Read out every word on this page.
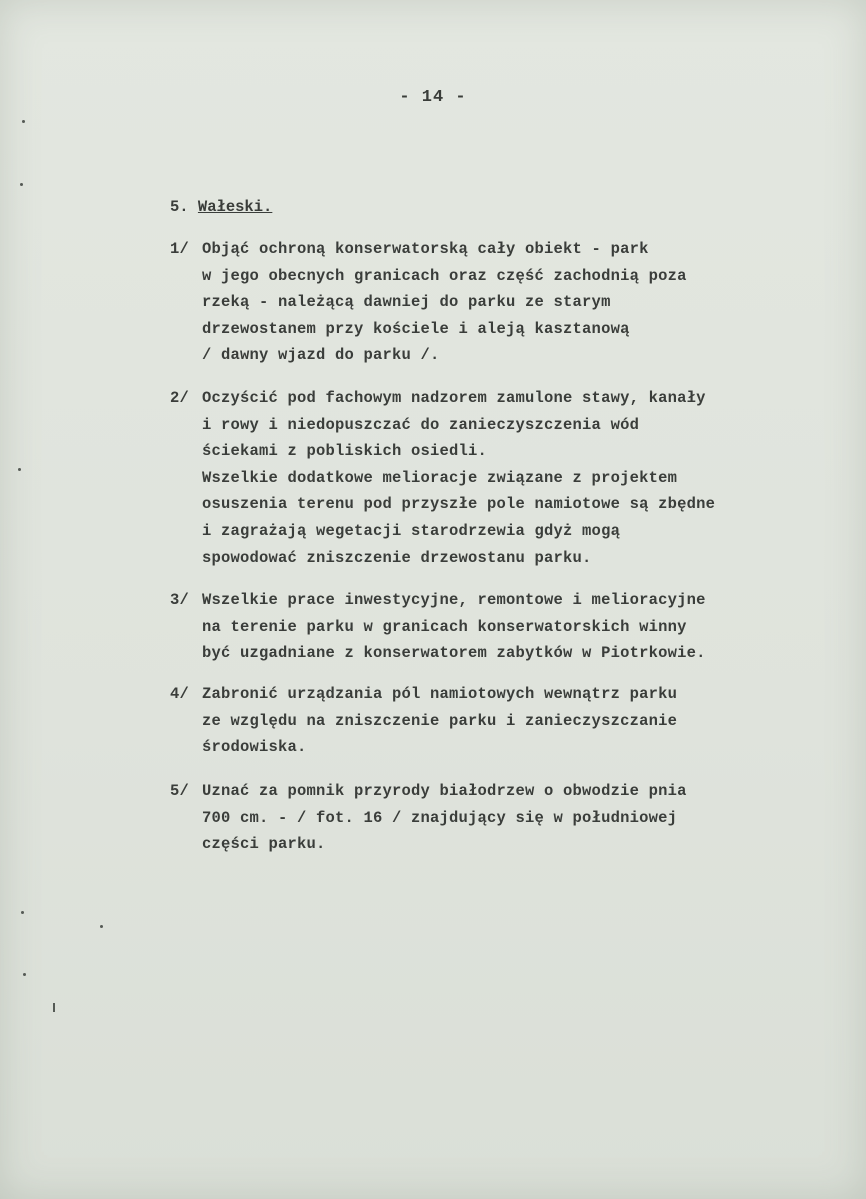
- 14 -
5. Wałeski.
1/ Objąć ochroną konserwatorską cały obiekt - park
w jego obecnych granicach oraz część zachodnią poza
rzeką - należącą dawniej do parku ze starym
drzewostanem przy kościele i aleją kasztanową
/ dawny wjazd do parku /.
2/ Oczyścić pod fachowym nadzorem zamulone stawy, kanały
i rowy i niedopuszczać do zanieczyszczenia wód
ściekami z pobliskich osiedli.
Wszelkie dodatkowe melioracje związane z projektem
osuszenia terenu pod przyszłe pole namiotowe są zbędne
i zagrażają wegetacji starodrzewia gdyż mogą
spowodować zniszczenie drzewostanu parku.
3/ Wszelkie prace inwestycyjne, remontowe i melioracyjne
na terenie parku w granicach konserwatorskich winny
być uzgadniane z konserwatorem zabytków w Piotrkowie.
4/ Zabronić urządzania pól namiotowych wewnątrz parku
ze względu na zniszczenie parku i zanieczyszczanie
środowiska.
5/ Uznać za pomnik przyrody białodrzew o obwodzie pnia
700 cm. - / fot. 16 / znajdujący się w południowej
części parku.
